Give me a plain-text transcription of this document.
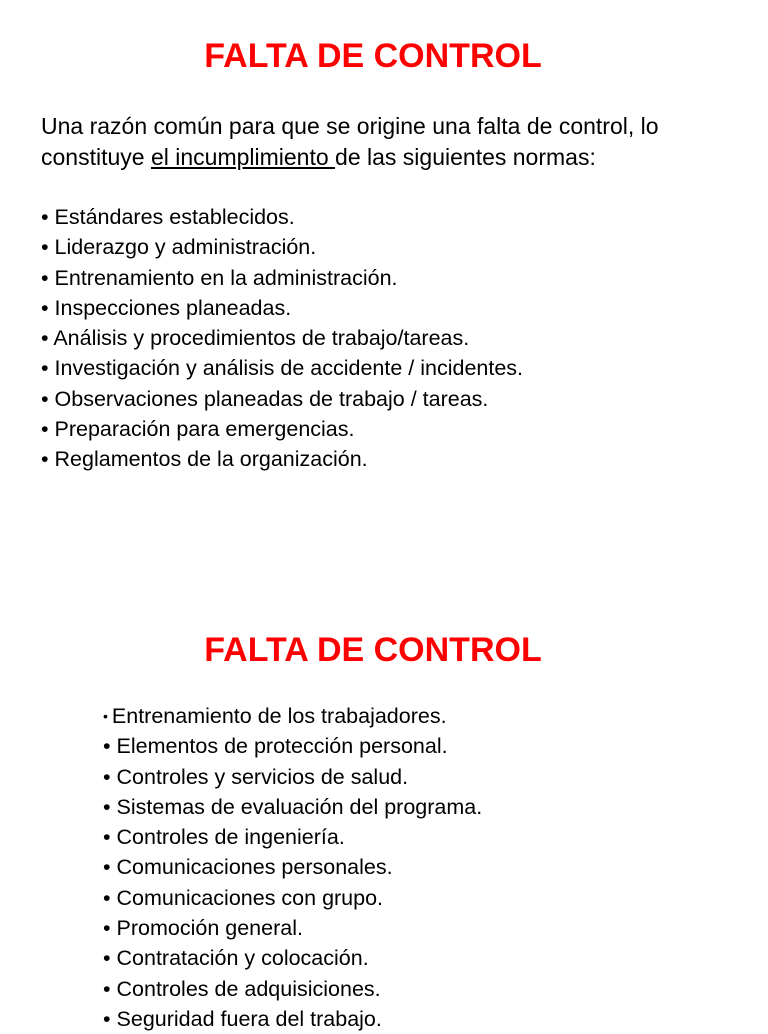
FALTA DE CONTROL

Una razón común para que se origine una falta de control, lo constituye el incumplimiento de las siguientes normas:

• Estándares establecidos.
• Liderazgo y administración.
• Entrenamiento en la administración.
• Inspecciones planeadas.
• Análisis y procedimientos de trabajo/tareas.
• Investigación y análisis de accidente / incidentes.
• Observaciones planeadas de trabajo / tareas.
• Preparación para emergencias.
• Reglamentos de la organización.
FALTA DE CONTROL
• Entrenamiento de los trabajadores.
• Elementos de protección personal.
• Controles y servicios de salud.
• Sistemas de evaluación del programa.
• Controles de ingeniería.
• Comunicaciones personales.
• Comunicaciones con grupo.
• Promoción general.
• Contratación y colocación.
• Controles de adquisiciones.
• Seguridad fuera del trabajo.
